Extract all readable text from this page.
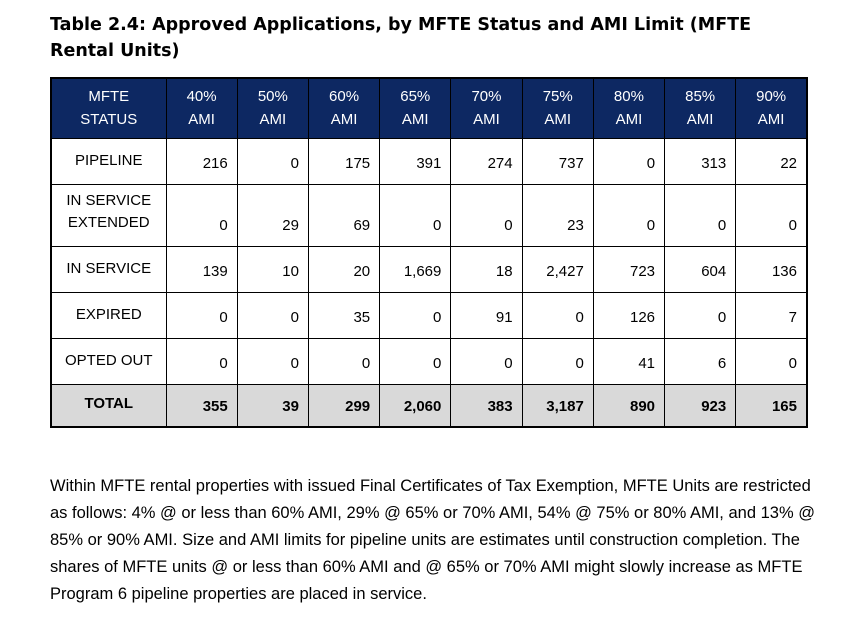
Table 2.4: Approved Applications, by MFTE Status and AMI Limit (MFTE Rental Units)
MFTE STATUS	40% AMI	50% AMI	60% AMI	65% AMI	70% AMI	75% AMI	80% AMI	85% AMI	90% AMI
PIPELINE	216	0	175	391	274	737	0	313	22
IN SERVICE EXTENDED	0	29	69	0	0	23	0	0	0
IN SERVICE	139	10	20	1,669	18	2,427	723	604	136
EXPIRED	0	0	35	0	91	0	126	0	7
OPTED OUT	0	0	0	0	0	0	41	6	0
TOTAL	355	39	299	2,060	383	3,187	890	923	165

Within MFTE rental properties with issued Final Certificates of Tax Exemption, MFTE Units are restricted as follows: 4% @ or less than 60% AMI, 29% @ 65% or 70% AMI, 54% @ 75% or 80% AMI, and 13% @ 85% or 90% AMI. Size and AMI limits for pipeline units are estimates until construction completion. The shares of MFTE units @ or less than 60% AMI and @ 65% or 70% AMI might slowly increase as MFTE Program 6 pipeline properties are placed in service.
